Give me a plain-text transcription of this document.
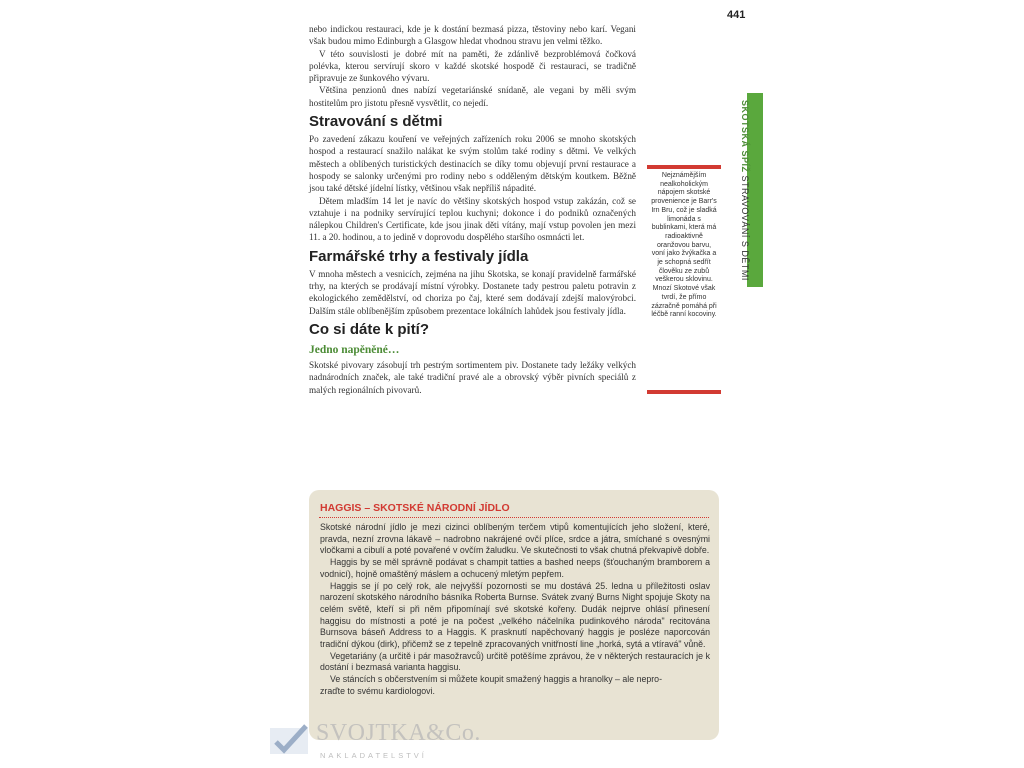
441

nebo indickou restauraci, kde je k dostání bezmasá pizza, těstoviny nebo karí. Vegani však budou mimo Edinburgh a Glasgow hledat vhodnou stravu jen velmi těžko.

V této souvislosti je dobré mít na paměti, že zdánlivě bezproblémová čočková polévka, kterou servírují skoro v každé skotské hospodě či restauraci, se tradičně připravuje ze šunkového vývaru.

Většina penzionů dnes nabízí vegetariánské snídaně, ale vegani by měli svým hostitelům pro jistotu přesně vysvětlit, co nejedí.

Stravování s dětmi

Po zavedení zákazu kouření ve veřejných zařízeních roku 2006 se mnoho skotských hospod a restaurací snažilo nalákat ke svým stolům také rodiny s dětmi. Ve velkých městech a oblíbených turistických destinacích se díky tomu objevují první restaurace a hospody se salonky určenými pro rodiny nebo s odděleným dětským koutkem. Běžně jsou také dětské jídelní lístky, většinou však nepříliš nápadité.

Dětem mladším 14 let je navíc do většiny skotských hospod vstup zakázán, což se vztahuje i na podniky servírující teplou kuchyni; dokonce i do podniků označených nálepkou Children's Certificate, kde jsou jinak děti vítány, mají vstup povolen jen mezi 11. a 20. hodinou, a to jedině v doprovodu dospělého staršího osmnácti let.

Farmářské trhy a festivaly jídla

V mnoha městech a vesnicích, zejména na jihu Skotska, se konají pravidelně farmářské trhy, na kterých se prodávají místní výrobky. Dostanete tady pestrou paletu potravin z ekologického zemědělství, od chorizа po čaj, které sem dodávají zdejší malovýrobci. Dalším stále oblíbenějším způsobem prezentace lokálních lahůdek jsou festivaly jídla.

Co si dáte k pití?
Jedno napěněné…

Skotské pivovary zásobují trh pestrým sortimentem piv. Dostanete tady ležáky velkých nadnárodních značek, ale také tradiční pravé ale a obrovský výběr pivních speciálů z malých regionálních pivovarů.

Nejznámějším nealkoholickým nápojem skotské provenience je Barr's Irn Bru, což je sladká limonáda s bublinkami, která má radioaktivně oranžovou barvu, voní jako žvýkačka a je schopná sedřít člověku ze zubů veškerou sklovinu. Mnozí Skotové však tvrdí, že přímo zázračně pomáhá při léčbě ranní kocoviny.
SKOTSKÁ SPÍŽ STRAVOVÁNÍ S DĚTMI
HAGGIS – SKOTSKÉ NÁRODNÍ JÍDLO

Skotské národní jídlo je mezi cizinci oblíbeným terčem vtipů komentujících jeho složení, které, pravda, nezní zrovna lákavě – nadrobno nakrájené ovčí plíce, srdce a játra, smíchané s ovesnými vločkami a cibulí a poté povařené v ovčím žaludku. Ve skutečnosti to však chutná překvapivě dobře.

Haggis by se měl správně podávat s champit tatties a bashed neeps (šťouchaným bramborem a vodnicí), hojně omaštěný máslem a ochucený mletým pepřem.

Haggis se jí po celý rok, ale nejvyšší pozornosti se mu dostává 25. ledna u příležitosti oslav narození skotského národního básníka Roberta Burnse. Svátek zvaný Burns Night spojuje Skoty na celém světě, kteří si při něm připomínají své skotské kořeny. Dudák nejprve ohlásí přinesení haggisu do místnosti a poté je na počest „velkého náčelníka pudinkového národa" recitována Burnsova báseň Address to a Haggis. K prasknutí napěchovaný haggis je posléze naporcován tradiční dýkou (dirk), přičemž se z tepelně zpracovaných vnitřností line „horká, sytá a vtíravá" vůně.

Vegetariány (a určitě i pár masožravců) určitě potěšíme zprávou, že v některých restauracích je k dostání i bezmasá varianta haggisu.

Ve stáncích s občerstvením si můžete koupit smažený haggis a hranolky – ale nepro-

zraďte to svému kardiologovi.

SVOJTKA&Co.
NAKLADATELSTVÍ
